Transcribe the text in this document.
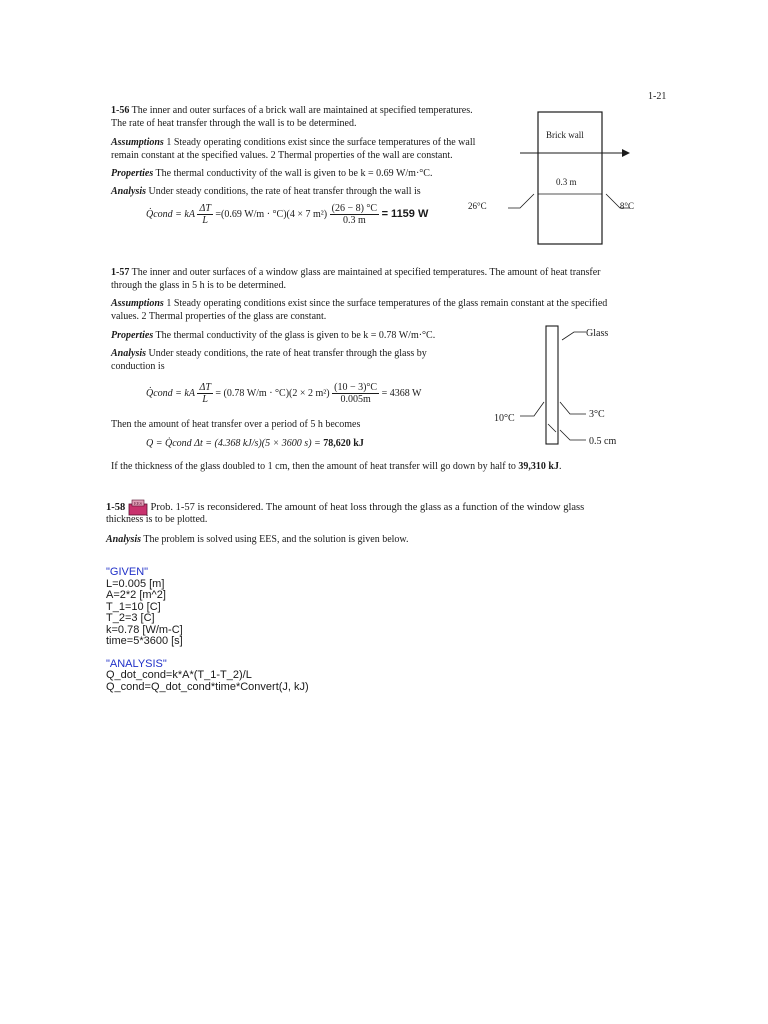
1-21
1-56 The inner and outer surfaces of a brick wall are maintained at specified temperatures.
The rate of heat transfer through the wall is to be determined.
Assumptions 1 Steady operating conditions exist since the surface temperatures of the wall
remain constant at the specified values. 2 Thermal properties of the wall are constant.
Properties The thermal conductivity of the wall is given to be k = 0.69 W/m·°C.
Analysis Under steady conditions, the rate of heat transfer through the wall is
Q̇cond = kA $\frac{\Delta T}{L} =(0.69$ W/m · °C)(4 × 7 $m^2) \frac{(26 - 8) ^\circ C}{0.3 m} = 1159$ W
Brick wall
0.3 m
26°C	8°C
1-57 The inner and outer surfaces of a window glass are maintained at specified temperatures. The amount of heat transfer
through the glass in 5 h is to be determined.
Assumptions 1 Steady operating conditions exist since the surface temperatures of the glass remain constant at the specified
values. 2 Thermal properties of the glass are constant.
Properties The thermal conductivity of the glass is given to be k = 0.78 W/m·°C.
Analysis Under steady conditions, the rate of heat transfer through the glass by
conduction is
Q̇cond = kA $\frac{\Delta T}{L} = (0.78$ W/m · °C)(2 × 2 $m^2) \frac{(10 - 3)^\circ C}{0.005m} = 4368$ W
Then the amount of heat transfer over a period of 5 h becomes
Q = Q̇cond Δt = (4.368 kJ/s)(5 × 3600 s) = 78,620 kJ
If the thickness of the glass doubled to 1 cm, then the amount of heat transfer will go down by half to 39,310 kJ.
Glass
10°C	3°C
0.5 cm
1-58 EES Prob. 1-57 is reconsidered. The amount of heat loss through the glass as a function of the window glass
thickness is to be plotted.
Analysis The problem is solved using EES, and the solution is given below.
"GIVEN"
L=0.005 [m]
A=2*2 [m^2]
T_1=10 [C]
T_2=3 [C]
k=0.78 [W/m-C]
time=5*3600 [s]
"ANALYSIS"
Q_dot_cond=k*A*(T_1-T_2)/L
Q_cond=Q_dot_cond*time*Convert(J, kJ)
